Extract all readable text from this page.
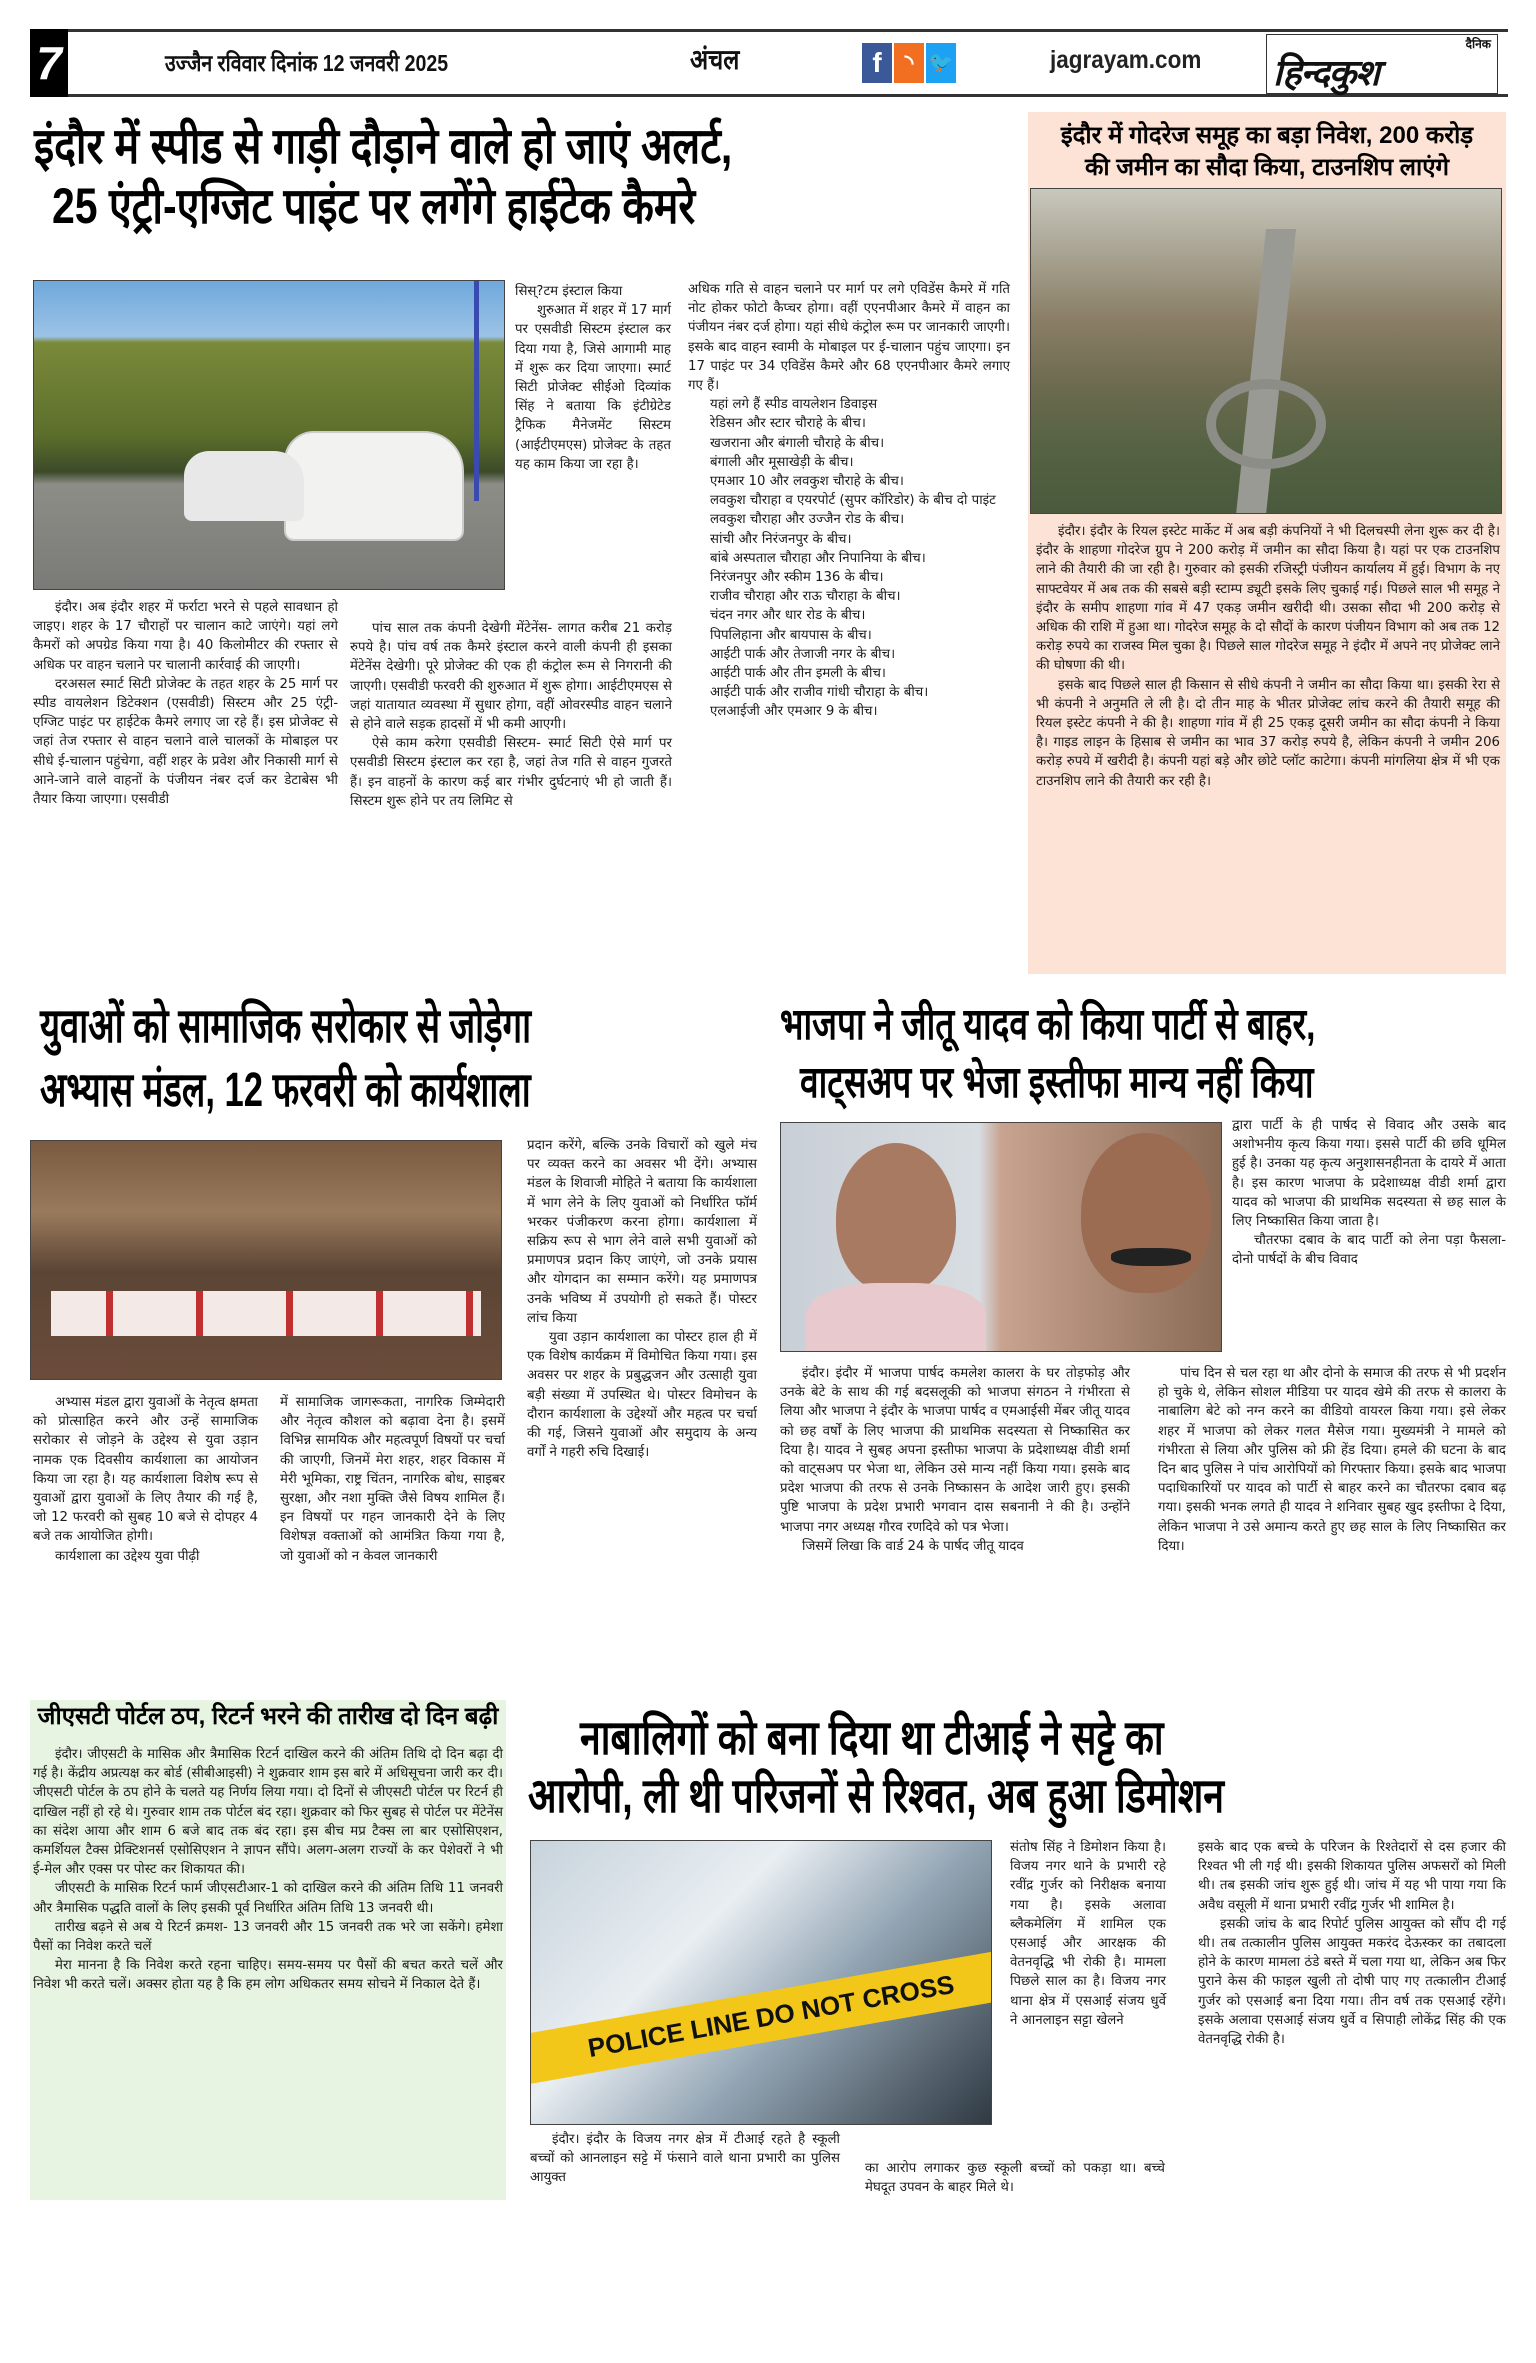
7	उज्जैन रविवार दिनांक 12 जनवरी 2025	अंचल	f	◝ 🐦	jagrayam.com
दैनिक
हिन्दकुश
इंदौर में स्पीड से गाड़ी दौड़ाने वाले हो जाएं अलर्ट,
25 एंट्री-एग्जिट पाइंट पर लगेंगे हाईटेक कैमरे

इंदौर। अब इंदौर शहर में फर्राटा भरने से पहले सावधान हो जाइए। शहर के 17 चौराहों पर चालान काटे जाएंगे। यहां लगे कैमरों को अपग्रेड किया गया है। 40 किलोमीटर की रफ्तार से अधिक पर वाहन चलाने पर चालानी कार्रवाई की जाएगी।

दरअसल स्मार्ट सिटी प्रोजेक्ट के तहत शहर के 25 मार्ग पर स्पीड वायलेशन डिटेक्शन (एसवीडी) सिस्टम और 25 एंट्री-एग्जिट पाइंट पर हाईटेक कैमरे लगाए जा रहे हैं। इस प्रोजेक्ट से जहां तेज रफ्तार से वाहन चलाने वाले चालकों के मोबाइल पर सीधे ई-चालान पहुंचेगा, वहीं शहर के प्रवेश और निकासी मार्ग से आने-जाने वाले वाहनों के पंजीयन नंबर दर्ज कर डेटाबेस भी तैयार किया जाएगा। एसवीडी

सिस्?टम इंस्टाल किया

शुरुआत में शहर में 17 मार्ग पर एसवीडी सिस्टम इंस्टाल कर दिया गया है, जिसे आगामी माह में शुरू कर दिया जाएगा। स्मार्ट सिटी प्रोजेक्ट सीईओ दिव्यांक सिंह ने बताया कि इंटीग्रेटेड ट्रैफिक मैनेजमेंट सिस्टम (आईटीएमएस) प्रोजेक्ट के तहत यह काम किया जा रहा है।

पांच साल तक कंपनी देखेगी मेंटेनेंस- लागत करीब 21 करोड़ रुपये है। पांच वर्ष तक कैमरे इंस्टाल करने वाली कंपनी ही इसका मेंटेनेंस देखेगी। पूरे प्रोजेक्ट की एक ही कंट्रोल रूम से निगरानी की जाएगी। एसवीडी फरवरी की शुरुआत में शुरू होगा। आईटीएमएस से जहां यातायात व्यवस्था में सुधार होगा, वहीं ओवरस्पीड वाहन चलाने से होने वाले सड़क हादसों में भी कमी आएगी।

ऐसे काम करेगा एसवीडी सिस्टम- स्मार्ट सिटी ऐसे मार्ग पर एसवीडी सिस्टम इंस्टाल कर रहा है, जहां तेज गति से वाहन गुजरते हैं। इन वाहनों के कारण कई बार गंभीर दुर्घटनाएं भी हो जाती हैं। सिस्टम शुरू होने पर तय लिमिट से

अधिक गति से वाहन चलाने पर मार्ग पर लगे एविडेंस कैमरे में गति नोट होकर फोटो कैप्चर होगा। वहीं एएनपीआर कैमरे में वाहन का पंजीयन नंबर दर्ज होगा। यहां सीधे कंट्रोल रूम पर जानकारी जाएगी। इसके बाद वाहन स्वामी के मोबाइल पर ई-चालान पहुंच जाएगा। इन 17 पाइंट पर 34 एविडेंस कैमरे और 68 एएनपीआर कैमरे लगाए गए हैं।

यहां लगे हैं स्पीड वायलेशन डिवाइस

रेडिसन और स्टार चौराहे के बीच।

खजराना और बंगाली चौराहे के बीच।

बंगाली और मूसाखेड़ी के बीच।

एमआर 10 और लवकुश चौराहे के बीच।

लवकुश चौराहा व एयरपोर्ट (सुपर कॉरिडोर) के बीच दो पाइंट

लवकुश चौराहा और उज्जैन रोड के बीच।

सांची और निरंजनपुर के बीच।

बांबे अस्पताल चौराहा और निपानिया के बीच।

निरंजनपुर और स्कीम 136 के बीच।

राजीव चौराहा और राऊ चौराहा के बीच।

चंदन नगर और धार रोड के बीच।

पिपलिहाना और बायपास के बीच।

आईटी पार्क और तेजाजी नगर के बीच।

आईटी पार्क और तीन इमली के बीच।

आईटी पार्क और राजीव गांधी चौराहा के बीच।

एलआईजी और एमआर 9 के बीच।

इंदौर में गोदरेज समूह का बड़ा निवेश, 200 करोड़
की जमीन का सौदा किया, टाउनशिप लाएंगे

इंदौर। इंदौर के रियल इस्टेट मार्केट में अब बड़ी कंपनियों ने भी दिलचस्पी लेना शुरू कर दी है। इंदौर के शाहणा गोदरेज ग्रुप ने 200 करोड़ में जमीन का सौदा किया है। यहां पर एक टाउनशिप लाने की तैयारी की जा रही है। गुरुवार को इसकी रजिस्ट्री पंजीयन कार्यालय में हुई। विभाग के नए साफ्टवेयर में अब तक की सबसे बड़ी स्टाम्प ड्यूटी इसके लिए चुकाई गई। पिछले साल भी समूह ने इंदौर के समीप शाहणा गांव में 47 एकड़ जमीन खरीदी थी। उसका सौदा भी 200 करोड़ से अधिक की राशि में हुआ था। गोदरेज समूह के दो सौदों के कारण पंजीयन विभाग को अब तक 12 करोड़ रुपये का राजस्व मिल चुका है। पिछले साल गोदरेज समूह ने इंदौर में अपने नए प्रोजेक्ट लाने की घोषणा की थी।

इसके बाद पिछले साल ही किसान से सीधे कंपनी ने जमीन का सौदा किया था। इसकी रेरा से भी कंपनी ने अनुमति ले ली है। दो तीन माह के भीतर प्रोजेक्ट लांच करने की तैयारी समूह की रियल इस्टेट कंपनी ने की है। शाहणा गांव में ही 25 एकड़ दूसरी जमीन का सौदा कंपनी ने किया है। गाइड लाइन के हिसाब से जमीन का भाव 37 करोड़ रुपये है, लेकिन कंपनी ने जमीन 206 करोड़ रुपये में खरीदी है। कंपनी यहां बड़े और छोटे प्लॉट काटेगा। कंपनी मांगलिया क्षेत्र में भी एक टाउनशिप लाने की तैयारी कर रही है।

युवाओं को सामाजिक सरोकार से जोड़ेगा
अभ्यास मंडल, 12 फरवरी को कार्यशाला

अभ्यास मंडल द्वारा युवाओं के नेतृत्व क्षमता को प्रोत्साहित करने और उन्हें सामाजिक सरोकार से जोड़ने के उद्देश्य से युवा उड़ान नामक एक दिवसीय कार्यशाला का आयोजन किया जा रहा है। यह कार्यशाला विशेष रूप से युवाओं द्वारा युवाओं के लिए तैयार की गई है, जो 12 फरवरी को सुबह 10 बजे से दोपहर 4 बजे तक आयोजित होगी।

कार्यशाला का उद्देश्य युवा पीढ़ी

में सामाजिक जागरूकता, नागरिक जिम्मेदारी और नेतृत्व कौशल को बढ़ावा देना है। इसमें विभिन्न सामयिक और महत्वपूर्ण विषयों पर चर्चा की जाएगी, जिनमें मेरा शहर, शहर विकास में मेरी भूमिका, राष्ट्र चिंतन, नागरिक बोध, साइबर सुरक्षा, और नशा मुक्ति जैसे विषय शामिल हैं। इन विषयों पर गहन जानकारी देने के लिए विशेषज्ञ वक्ताओं को आमंत्रित किया गया है, जो युवाओं को न केवल जानकारी

प्रदान करेंगे, बल्कि उनके विचारों को खुले मंच पर व्यक्त करने का अवसर भी देंगे। अभ्यास मंडल के शिवाजी मोहिते ने बताया कि कार्यशाला में भाग लेने के लिए युवाओं को निर्धारित फॉर्म भरकर पंजीकरण करना होगा। कार्यशाला में सक्रिय रूप से भाग लेने वाले सभी युवाओं को प्रमाणपत्र प्रदान किए जाएंगे, जो उनके प्रयास और योगदान का सम्मान करेंगे। यह प्रमाणपत्र उनके भविष्य में उपयोगी हो सकते हैं। पोस्टर लांच किया

युवा उड़ान कार्यशाला का पोस्टर हाल ही में एक विशेष कार्यक्रम में विमोचित किया गया। इस अवसर पर शहर के प्रबुद्धजन और उत्साही युवा बड़ी संख्या में उपस्थित थे। पोस्टर विमोचन के दौरान कार्यशाला के उद्देश्यों और महत्व पर चर्चा की गई, जिसने युवाओं और समुदाय के अन्य वर्गों ने गहरी रुचि दिखाई।

भाजपा ने जीतू यादव को किया पार्टी से बाहर,
वाट्सअप पर भेजा इस्तीफा मान्य नहीं किया

द्वारा पार्टी के ही पार्षद से विवाद और उसके बाद अशोभनीय कृत्य किया गया। इससे पार्टी की छवि धूमिल हुई है। उनका यह कृत्य अनुशासनहीनता के दायरे में आता है। इस कारण भाजपा के प्रदेशाध्यक्ष वीडी शर्मा द्वारा यादव को भाजपा की प्राथमिक सदस्यता से छह साल के लिए निष्कासित किया जाता है।

चौतरफा दबाव के बाद पार्टी को लेना पड़ा फैसला- दोनो पार्षदों के बीच विवाद

इंदौर। इंदौर में भाजपा पार्षद कमलेश कालरा के घर तोड़फोड़ और उनके बेटे के साथ की गई बदसलूकी को भाजपा संगठन ने गंभीरता से लिया और भाजपा ने इंदौर के भाजपा पार्षद व एमआईसी मेंबर जीतू यादव को छह वर्षों के लिए भाजपा की प्राथमिक सदस्यता से निष्कासित कर दिया है। यादव ने सुबह अपना इस्तीफा भाजपा के प्रदेशाध्यक्ष वीडी शर्मा को वाट्सअप पर भेजा था, लेकिन उसे मान्य नहीं किया गया। इसके बाद प्रदेश भाजपा की तरफ से उनके निष्कासन के आदेश जारी हुए। इसकी पुष्टि भाजपा के प्रदेश प्रभारी भगवान दास सबनानी ने की है। उन्होंने भाजपा नगर अध्यक्ष गौरव रणदिवे को पत्र भेजा।

जिसमें लिखा कि वार्ड 24 के पार्षद जीतू यादव

पांच दिन से चल रहा था और दोनो के समाज की तरफ से भी प्रदर्शन हो चुके थे, लेकिन सोशल मीडिया पर यादव खेमे की तरफ से कालरा के नाबालिग बेटे को नग्न करने का वीडियो वायरल किया गया। इसे लेकर शहर में भाजपा को लेकर गलत मैसेज गया। मुख्यमंत्री ने मामले को गंभीरता से लिया और पुलिस को फ्री हेंड दिया। हमले की घटना के बाद दिन बाद पुलिस ने पांच आरोपियों को गिरफ्तार किया। इसके बाद भाजपा पदाधिकारियों पर यादव को पार्टी से बाहर करने का चौतरफा दबाव बढ़ गया। इसकी भनक लगते ही यादव ने शनिवार सुबह खुद इस्तीफा दे दिया, लेकिन भाजपा ने उसे अमान्य करते हुए छह साल के लिए निष्कासित कर दिया।

जीएसटी पोर्टल ठप, रिटर्न भरने की तारीख दो दिन बढ़ी

इंदौर। जीएसटी के मासिक और त्रैमासिक रिटर्न दाखिल करने की अंतिम तिथि दो दिन बढ़ा दी गई है। केंद्रीय अप्रत्यक्ष कर बोर्ड (सीबीआइसी) ने शुक्रवार शाम इस बारे में अधिसूचना जारी कर दी। जीएसटी पोर्टल के ठप होने के चलते यह निर्णय लिया गया। दो दिनों से जीएसटी पोर्टल पर रिटर्न ही दाखिल नहीं हो रहे थे। गुरुवार शाम तक पोर्टल बंद रहा। शुक्रवार को फिर सुबह से पोर्टल पर मेंटेनेंस का संदेश आया और शाम 6 बजे बाद तक बंद रहा। इस बीच मप्र टैक्स ला बार एसोसिएशन, कमर्शियल टैक्स प्रेक्टिशनर्स एसोसिएशन ने ज्ञापन सौंपे। अलग-अलग राज्यों के कर पेशेवरों ने भी ई-मेल और एक्स पर पोस्ट कर शिकायत की।

जीएसटी के मासिक रिटर्न फार्म जीएसटीआर-1 को दाखिल करने की अंतिम तिथि 11 जनवरी और त्रैमासिक पद्धति वालों के लिए इसकी पूर्व निर्धारित अंतिम तिथि 13 जनवरी थी।

तारीख बढ़ने से अब ये रिटर्न क्रमश- 13 जनवरी और 15 जनवरी तक भरे जा सकेंगे। हमेशा पैसों का निवेश करते चलें

मेरा मानना है कि निवेश करते रहना चाहिए। समय-समय पर पैसों की बचत करते चलें और निवेश भी करते चलें। अक्सर होता यह है कि हम लोग अधिकतर समय सोचने में निकाल देते हैं।

नाबालिगों को बना दिया था टीआई ने सट्टे का
आरोपी, ली थी परिजनों से रिश्वत, अब हुआ डिमोशन
POLICE LINE DO NOT CROSS

इंदौर। इंदौर के विजय नगर क्षेत्र में टीआई रहते है स्कूली बच्चों को आनलाइन सट्टे में फंसाने वाले थाना प्रभारी का पुलिस आयुक्त

संतोष सिंह ने डिमोशन किया है। विजय नगर थाने के प्रभारी रहे रवींद्र गुर्जर को निरीक्षक बनाया गया है। इसके अलावा ब्लैकमेलिंग में शामिल एक एसआई और आरक्षक की वेतनवृद्धि भी रोकी है। मामला पिछले साल का है। विजय नगर थाना क्षेत्र में एसआई संजय धुर्वे ने आनलाइन सट्टा खेलने

का आरोप लगाकर कुछ स्कूली बच्चों को पकड़ा था। बच्चे मेघदूत उपवन के बाहर मिले थे।

इसके बाद एक बच्चे के परिजन के रिश्तेदारों से दस हजार की रिश्वत भी ली गई थी। इसकी शिकायत पुलिस अफसरों को मिली थी। तब इसकी जांच शुरू हुई थी। जांच में यह भी पाया गया कि अवैध वसूली में थाना प्रभारी रवींद्र गुर्जर भी शामिल है।

इसकी जांच के बाद रिपोर्ट पुलिस आयुक्त को सौंप दी गई थी। तब तत्कालीन पुलिस आयुक्त मकरंद देऊस्कर का तबादला होने के कारण मामला ठंडे बस्ते में चला गया था, लेकिन अब फिर पुराने केस की फाइल खुली तो दोषी पाए गए तत्कालीन टीआई गुर्जर को एसआई बना दिया गया। तीन वर्ष तक एसआई रहेंगे। इसके अलावा एसआई संजय धुर्वे व सिपाही लोकेंद्र सिंह की एक वेतनवृद्धि रोकी है।
